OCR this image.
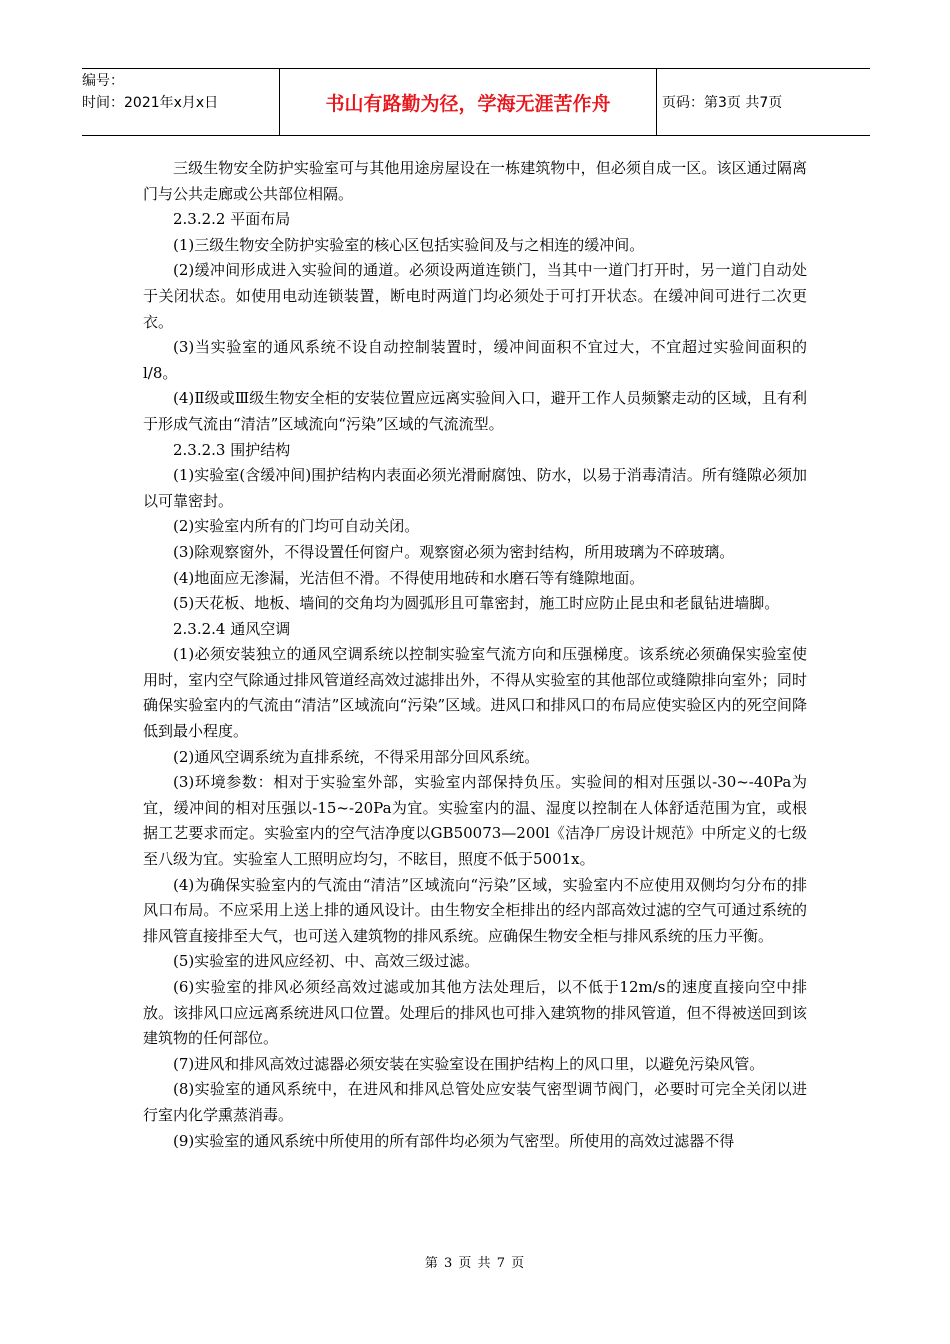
编号：
时间：2021年x月x日	书山有路勤为径，学海无涯苦作舟	页码：第3页 共7页

三级生物安全防护实验室可与其他用途房屋设在一栋建筑物中，但必须自成一区。该区通过隔离门与公共走廊或公共部位相隔。

2.3.2.2 平面布局

(1)三级生物安全防护实验室的核心区包括实验间及与之相连的缓冲间。

(2)缓冲间形成进入实验间的通道。必须设两道连锁门，当其中一道门打开时，另一道门自动处于关闭状态。如使用电动连锁装置，断电时两道门均必须处于可打开状态。在缓冲间可进行二次更衣。

(3)当实验室的通风系统不设自动控制装置时，缓冲间面积不宜过大，不宜超过实验间面积的l/8。

(4)Ⅱ级或Ⅲ级生物安全柜的安装位置应远离实验间入口，避开工作人员频繁走动的区域，且有利于形成气流由“清洁”区域流向“污染”区域的气流流型。

2.3.2.3 围护结构

(1)实验室(含缓冲间)围护结构内表面必须光滑耐腐蚀、防水，以易于消毒清洁。所有缝隙必须加以可靠密封。

(2)实验室内所有的门均可自动关闭。

(3)除观察窗外，不得设置任何窗户。观察窗必须为密封结构，所用玻璃为不碎玻璃。

(4)地面应无渗漏，光洁但不滑。不得使用地砖和水磨石等有缝隙地面。

(5)天花板、地板、墙间的交角均为圆弧形且可靠密封，施工时应防止昆虫和老鼠钻进墙脚。

2.3.2.4 通风空调

(1)必须安装独立的通风空调系统以控制实验室气流方向和压强梯度。该系统必须确保实验室使用时，室内空气除通过排风管道经高效过滤排出外，不得从实验室的其他部位或缝隙排向室外；同时确保实验室内的气流由“清洁”区域流向“污染”区域。进风口和排风口的布局应使实验区内的死空间降低到最小程度。

(2)通风空调系统为直排系统，不得采用部分回风系统。

(3)环境参数：相对于实验室外部，实验室内部保持负压。实验间的相对压强以-30~-40Pa为宜，缓冲间的相对压强以-15~-20Pa为宜。实验室内的温、湿度以控制在人体舒适范围为宜，或根据工艺要求而定。实验室内的空气洁净度以GB50073—200l《洁净厂房设计规范》中所定义的七级至八级为宜。实验室人工照明应均匀，不眩目，照度不低于5001x。

(4)为确保实验室内的气流由“清洁”区域流向“污染”区域，实验室内不应使用双侧均匀分布的排风口布局。不应采用上送上排的通风设计。由生物安全柜排出的经内部高效过滤的空气可通过系统的排风管直接排至大气，也可送入建筑物的排风系统。应确保生物安全柜与排风系统的压力平衡。

(5)实验室的进风应经初、中、高效三级过滤。

(6)实验室的排风必须经高效过滤或加其他方法处理后，以不低于12m/s的速度直接向空中排放。该排风口应远离系统进风口位置。处理后的排风也可排入建筑物的排风管道，但不得被送回到该建筑物的任何部位。

(7)进风和排风高效过滤器必须安装在实验室设在围护结构上的风口里，以避免污染风管。

(8)实验室的通风系统中，在进风和排风总管处应安装气密型调节阀门，必要时可完全关闭以进行室内化学熏蒸消毒。

(9)实验室的通风系统中所使用的所有部件均必须为气密型。所使用的高效过滤器不得

第 3 页 共 7 页
